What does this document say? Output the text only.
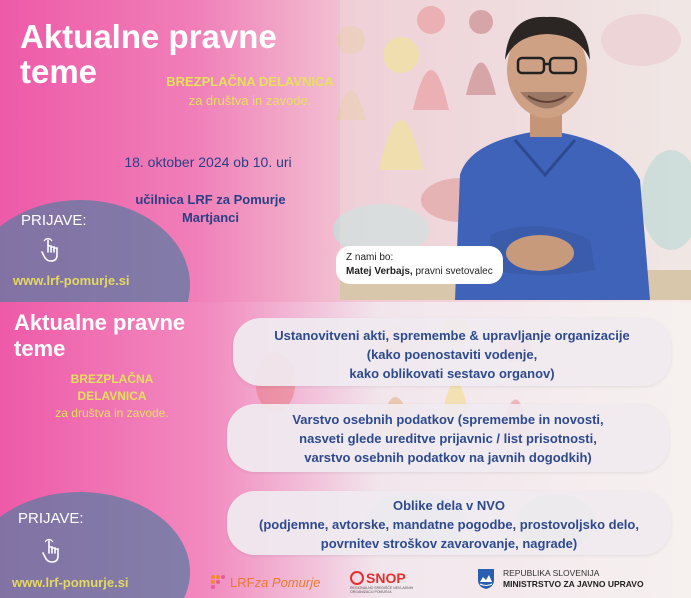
Aktualne pravne
teme	BREZPLAČNA DELAVNICA
za društva in zavode.
18. oktober 2024 ob 10. uri
učilnica LRF za Pomurje
Martjanci
PRIJAVE:
www.lrf-pomurje.si
Z nami bo:
Matej Verbajs, pravni svetovalec
Aktualne pravne
teme
BREZPLAČNA
DELAVNICA
za društva in zavode.
Ustanovitveni akti, spremembe & upravljanje organizacije
(kako poenostaviti vodenje,
kako oblikovati sestavo organov)
Varstvo osebnih podatkov (spremembe in novosti,
nasveti glede ureditve prijavnic / list prisotnosti,
varstvo osebnih podatkov na javnih dogodkih)
Oblike dela v NVO
(podjemne, avtorske, mandatne pogodbe, prostovoljsko delo,
povrnitev stroškov zavarovanje, nagrade)
PRIJAVE:
www.lrf-pomurje.si	LRF za Pomurje	SNOP
REGIONALNO SREDIŠČE NEVLADNIH ORGANIZACIJ POMURJA
REPUBLIKA SLOVENIJA
MINISTRSTVO ZA JAVNO UPRAVO
